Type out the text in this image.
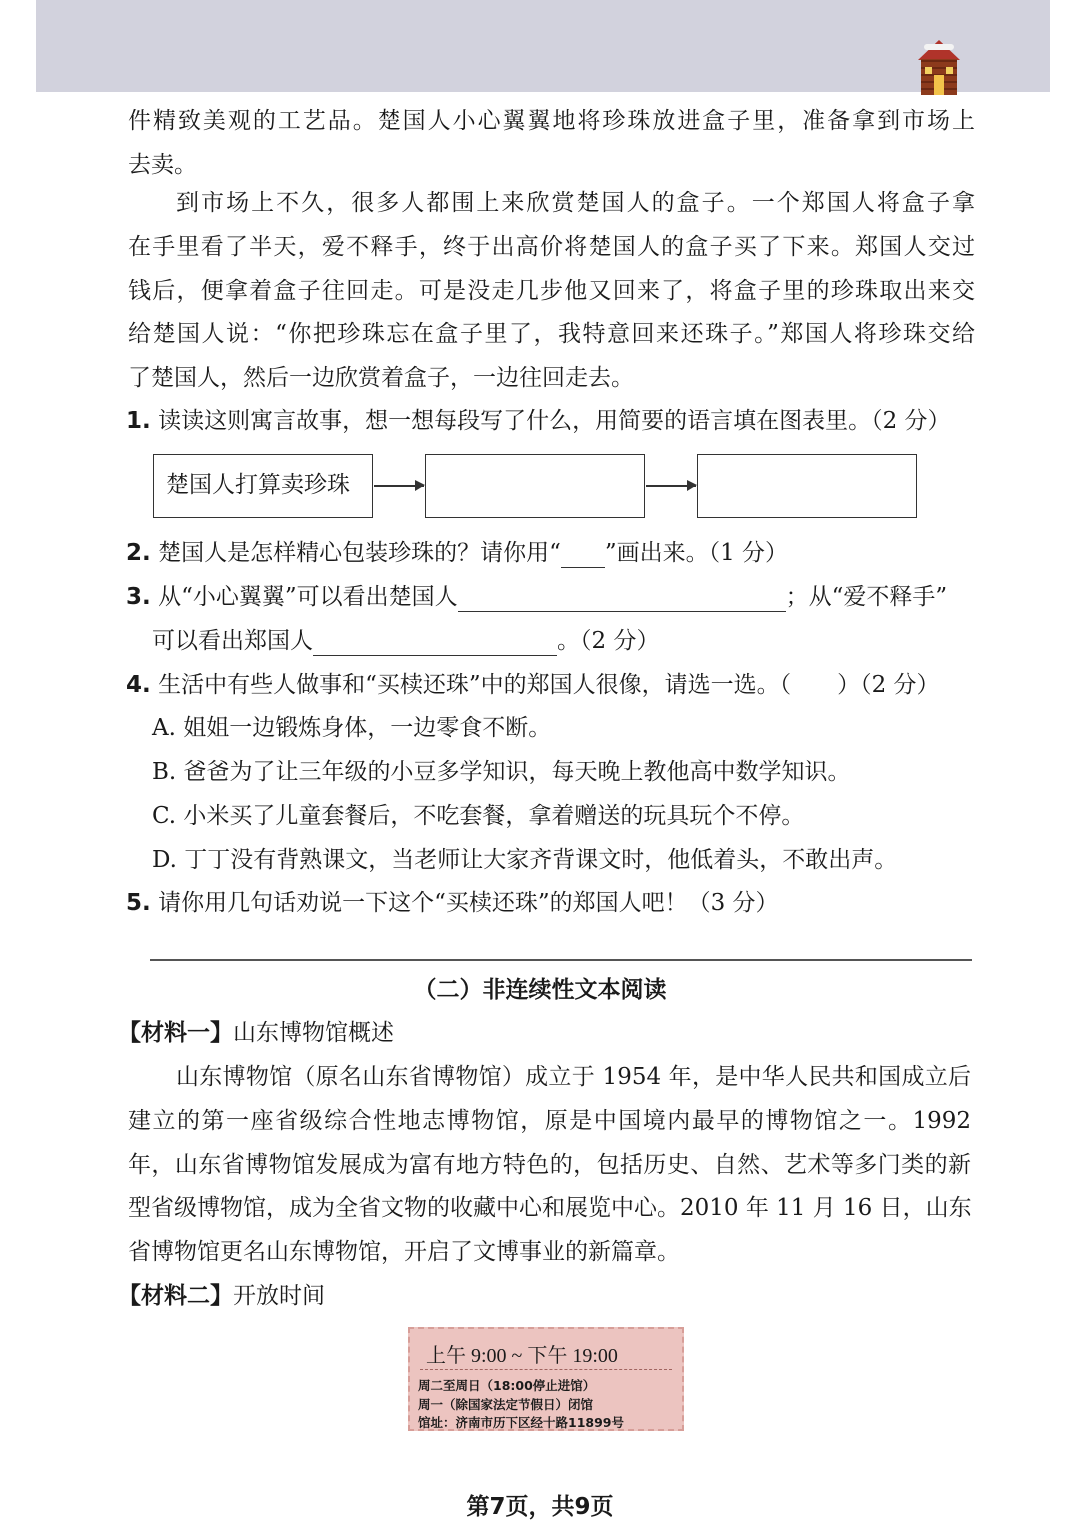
件精致美观的工艺品。楚国人小心翼翼地将珍珠放进盒子里，准备拿到市场上
去卖。
到市场上不久，很多人都围上来欣赏楚国人的盒子。一个郑国人将盒子拿
在手里看了半天，爱不释手，终于出高价将楚国人的盒子买了下来。郑国人交过
钱后，便拿着盒子往回走。可是没走几步他又回来了，将盒子里的珍珠取出来交
给楚国人说：“你把珍珠忘在盒子里了，我特意回来还珠子。”郑国人将珍珠交给
了楚国人，然后一边欣赏着盒子，一边往回走去。
1. 读读这则寓言故事，想一想每段写了什么，用简要的语言填在图表里。（2 分）
楚国人打算卖珍珠
2. 楚国人是怎样精心包装珍珠的？请你用“ ”画出来。（1 分）
3. 从“小心翼翼”可以看出楚国人	；从“爱不释手”
可以看出郑国人	。（2 分）
4. 生活中有些人做事和“买椟还珠”中的郑国人很像，请选一选。（　　）（2 分）
A. 姐姐一边锻炼身体，一边零食不断。
B. 爸爸为了让三年级的小豆多学知识，每天晚上教他高中数学知识。
C. 小米买了儿童套餐后，不吃套餐，拿着赠送的玩具玩个不停。
D. 丁丁没有背熟课文，当老师让大家齐背课文时，他低着头，不敢出声。
5. 请你用几句话劝说一下这个“买椟还珠”的郑国人吧！（3 分）
（二）非连续性文本阅读
【材料一】山东博物馆概述
山东博物馆（原名山东省博物馆）成立于 1954 年，是中华人民共和国成立后
建立的第一座省级综合性地志博物馆，原是中国境内最早的博物馆之一。1992
年，山东省博物馆发展成为富有地方特色的，包括历史、自然、艺术等多门类的新
型省级博物馆，成为全省文物的收藏中心和展览中心。2010 年 11 月 16 日，山东
省博物馆更名山东博物馆，开启了文博事业的新篇章。
【材料二】开放时间
上午 9:00 ~ 下午 19:00
周二至周日（18:00停止进馆）
周一（除国家法定节假日）闭馆
馆址：济南市历下区经十路11899号
第7页，共9页
